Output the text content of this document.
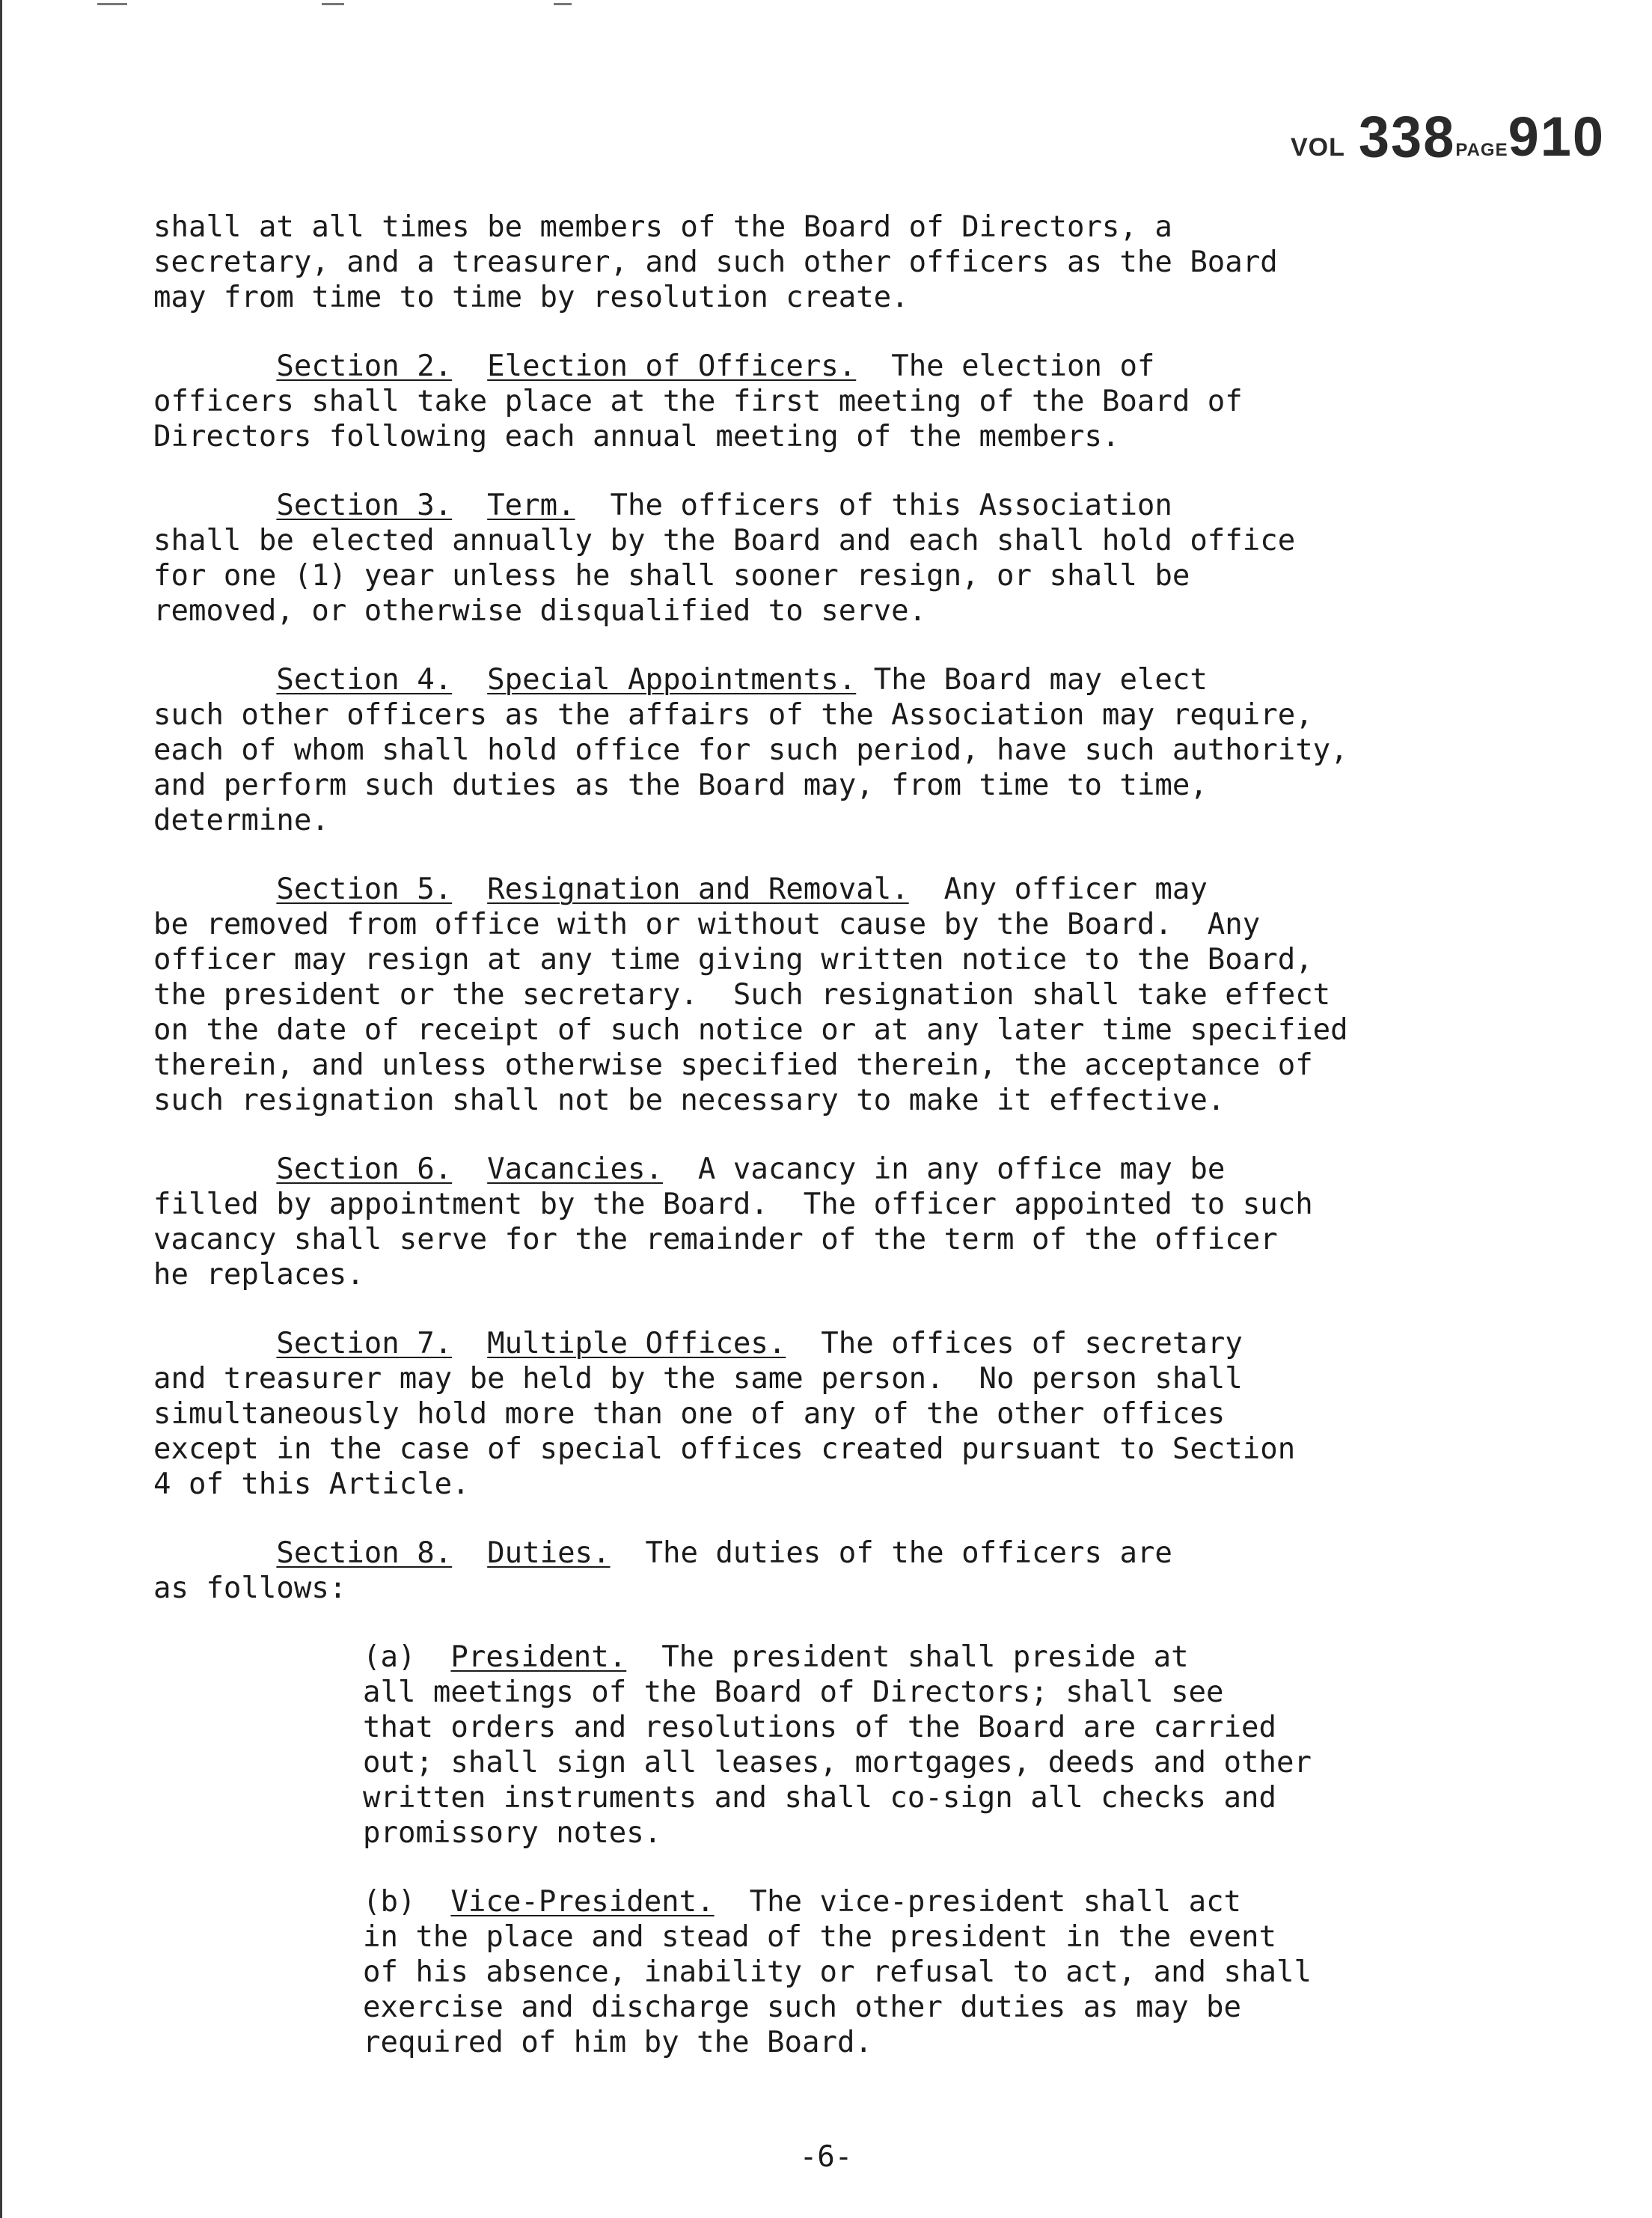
VOL 338PAGE910
shall at all times be members of the Board of Directors, a
secretary, and a treasurer, and such other officers as the Board
may from time to time by resolution create.
Section 2. Election of Officers.  The election of
officers shall take place at the first meeting of the Board of
Directors following each annual meeting of the members.
Section 3. Term.  The officers of this Association
shall be elected annually by the Board and each shall hold office
for one (1) year unless he shall sooner resign, or shall be
removed, or otherwise disqualified to serve.
Section 4. Special Appointments. The Board may elect
such other officers as the affairs of the Association may require,
each of whom shall hold office for such period, have such authority,
and perform such duties as the Board may, from time to time,
determine.
Section 5. Resignation and Removal.  Any officer may
be removed from office with or without cause by the Board.  Any
officer may resign at any time giving written notice to the Board,
the president or the secretary.  Such resignation shall take effect
on the date of receipt of such notice or at any later time specified
therein, and unless otherwise specified therein, the acceptance of
such resignation shall not be necessary to make it effective.
Section 6. Vacancies.  A vacancy in any office may be
filled by appointment by the Board.  The officer appointed to such
vacancy shall serve for the remainder of the term of the officer
he replaces.
Section 7. Multiple Offices.  The offices of secretary
and treasurer may be held by the same person.  No person shall
simultaneously hold more than one of any of the other offices
except in the case of special offices created pursuant to Section
4 of this Article.
Section 8. Duties.  The duties of the officers are
as follows:
(a) President.  The president shall preside at
all meetings of the Board of Directors; shall see
that orders and resolutions of the Board are carried
out; shall sign all leases, mortgages, deeds and other
written instruments and shall co-sign all checks and
promissory notes.
(b) Vice-President.  The vice-president shall act
in the place and stead of the president in the event
of his absence, inability or refusal to act, and shall
exercise and discharge such other duties as may be
required of him by the Board.
-6-
